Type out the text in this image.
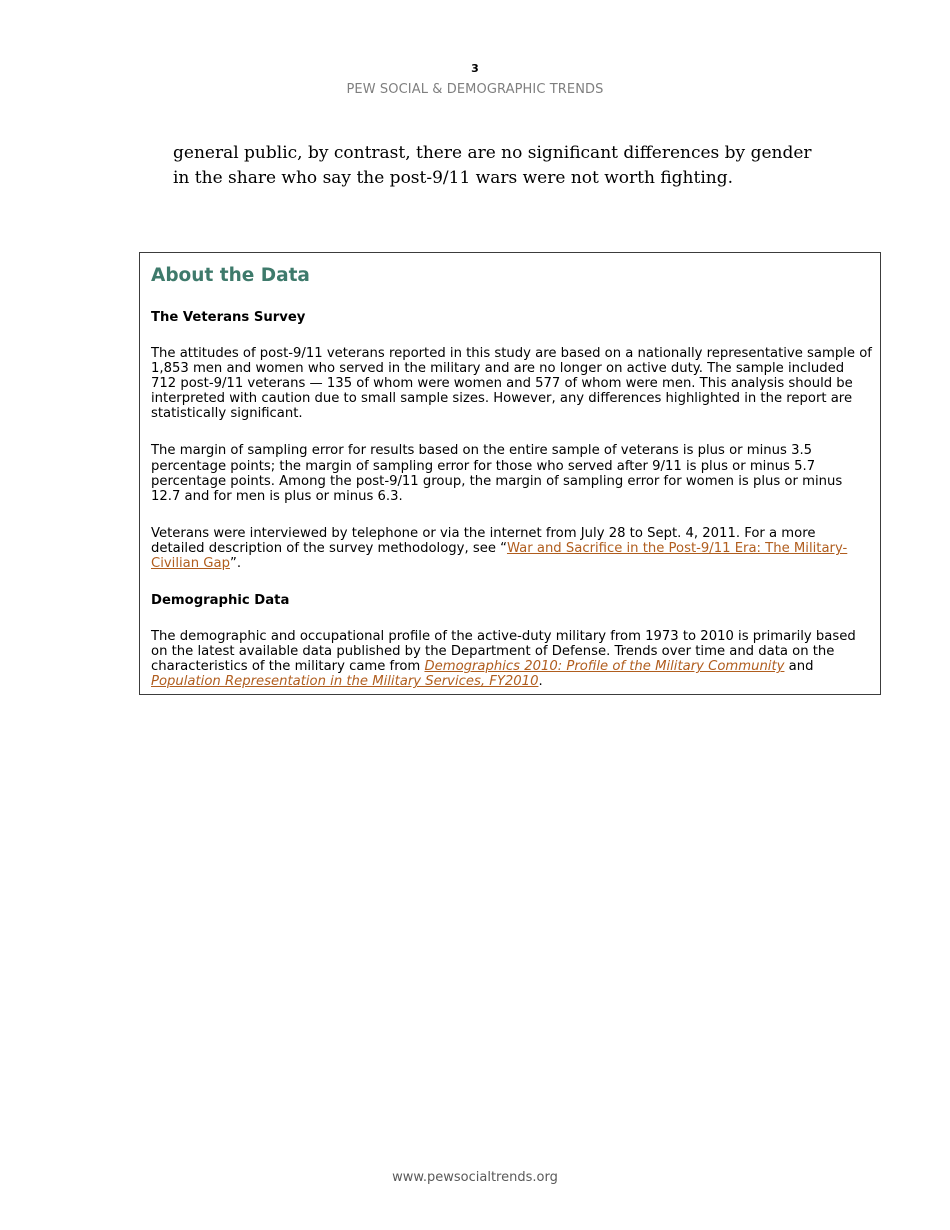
3
PEW SOCIAL & DEMOGRAPHIC TRENDS

general public, by contrast, there are no significant differences by gender in the share who say the post-9/11 wars were not worth fighting.

About the Data
The Veterans Survey

The attitudes of post-9/11 veterans reported in this study are based on a nationally representative sample of 1,853 men and women who served in the military and are no longer on active duty. The sample included 712 post-9/11 veterans — 135 of whom were women and 577 of whom were men. This analysis should be interpreted with caution due to small sample sizes. However, any differences highlighted in the report are statistically significant.

The margin of sampling error for results based on the entire sample of veterans is plus or minus 3.5 percentage points; the margin of sampling error for those who served after 9/11 is plus or minus 5.7 percentage points. Among the post-9/11 group, the margin of sampling error for women is plus or minus 12.7 and for men is plus or minus 6.3.

Veterans were interviewed by telephone or via the internet from July 28 to Sept. 4, 2011. For a more detailed description of the survey methodology, see “War and Sacrifice in the Post-9/11 Era: The Military-Civilian Gap”.

Demographic Data

The demographic and occupational profile of the active-duty military from 1973 to 2010 is primarily based on the latest available data published by the Department of Defense. Trends over time and data on the characteristics of the military came from Demographics 2010: Profile of the Military Community and Population Representation in the Military Services, FY2010.

www.pewsocialtrends.org
